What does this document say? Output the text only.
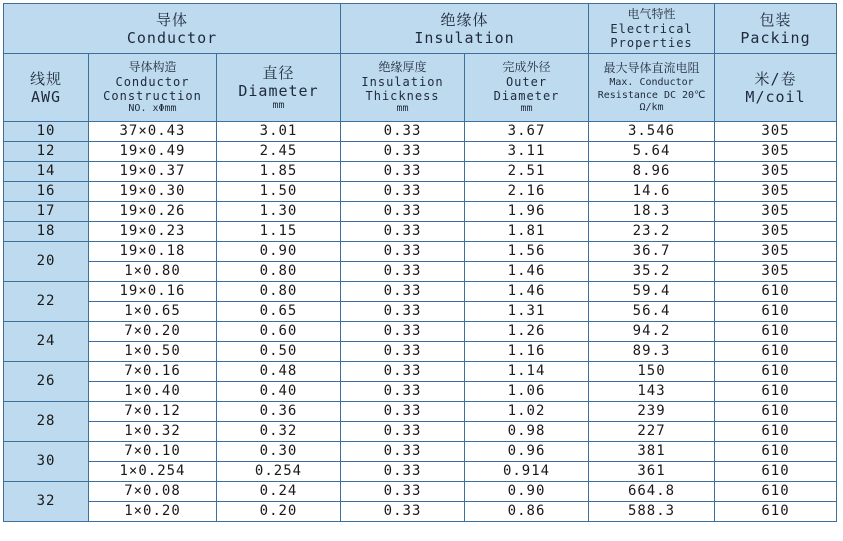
导体
Conductor			绝缘体
Insulation		电气特性
Electrical
Properties	包装
Packing

线规
AWG	导体构造
Conductor
Construction
NO. xΦmm	直径
Diameter
mm	绝缘厚度
Insulation
Thickness
mm	完成外径
Outer
Diameter
mm	最大导体直流电阻
Max. Conductor
Resistance DC 20℃
Ω/km	米/卷
M/coil

10	37×0.43	3.01	0.33	3.67	3.546	305
12	19×0.49	2.45	0.33	3.11	5.64	305
14	19×0.37	1.85	0.33	2.51	8.96	305
16	19×0.30	1.50	0.33	2.16	14.6	305
17	19×0.26	1.30	0.33	1.96	18.3	305
18	19×0.23	1.15	0.33	1.81	23.2	305
20	19×0.18	0.90	0.33	1.56	36.7	305
	1×0.80	0.80	0.33	1.46	35.2	305
22	19×0.16	0.80	0.33	1.46	59.4	610
	1×0.65	0.65	0.33	1.31	56.4	610
24	7×0.20	0.60	0.33	1.26	94.2	610
	1×0.50	0.50	0.33	1.16	89.3	610
26	7×0.16	0.48	0.33	1.14	150	610
	1×0.40	0.40	0.33	1.06	143	610
28	7×0.12	0.36	0.33	1.02	239	610
	1×0.32	0.32	0.33	0.98	227	610
30	7×0.10	0.30	0.33	0.96	381	610
	1×0.254	0.254	0.33	0.914	361	610
32	7×0.08	0.24	0.33	0.90	664.8	610
	1×0.20	0.20	0.33	0.86	588.3	610
